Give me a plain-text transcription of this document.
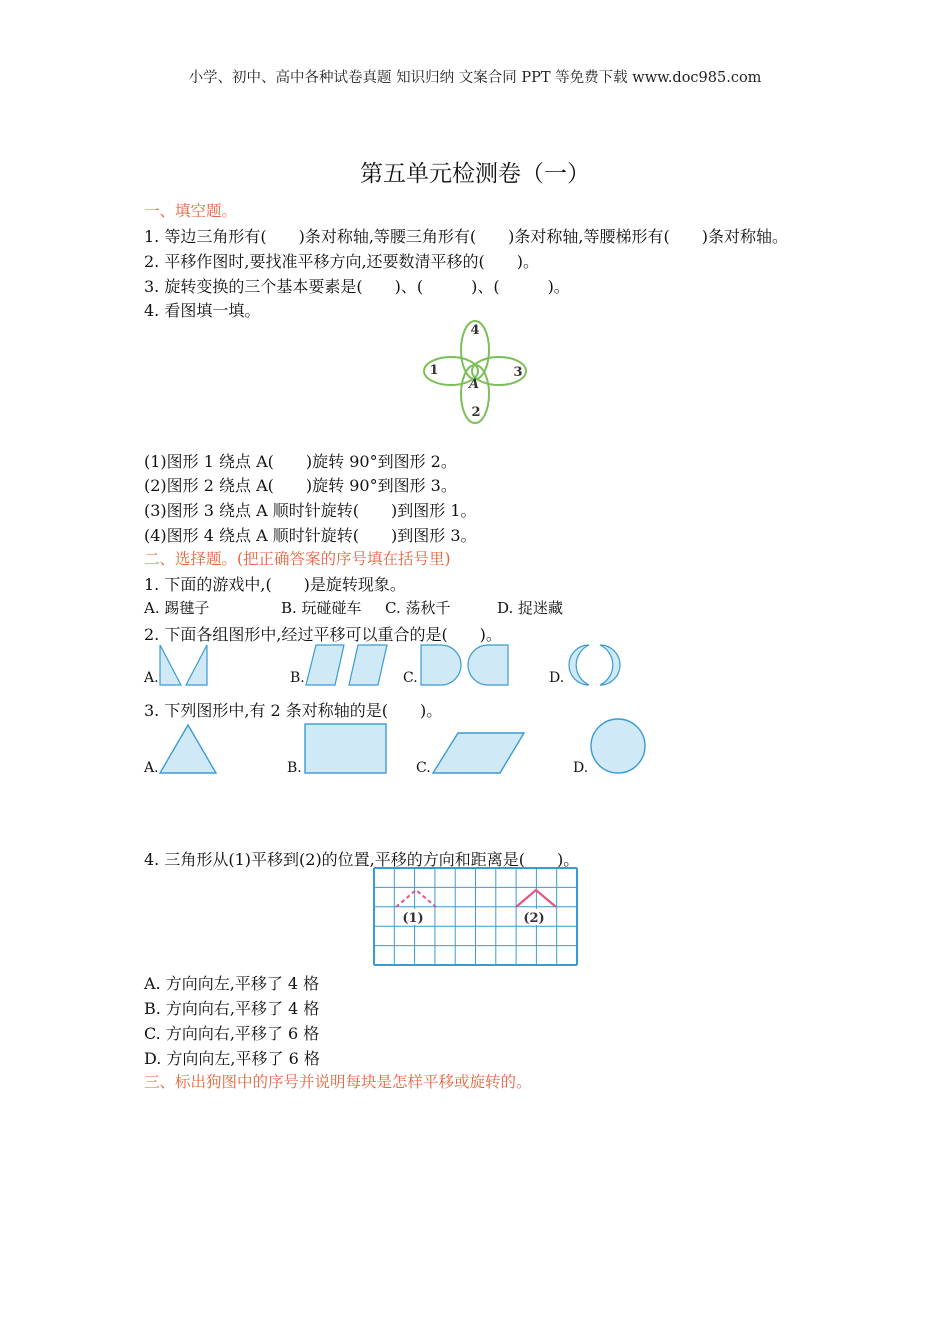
小学、初中、高中各种试卷真题 知识归纳 文案合同 PPT 等免费下载 www.doc985.com
第五单元检测卷（一）
一、填空题。
1. 等边三角形有(　　)条对称轴,等腰三角形有(　　)条对称轴,等腰梯形有(　　)条对称轴。
2. 平移作图时,要找准平移方向,还要数清平移的(　　)。
3. 旋转变换的三个基本要素是(　　)、(　　　)、(　　　)。
4. 看图填一填。
4
3
2
1
A
(1)图形 1 绕点 A(　　)旋转 90°到图形 2。
(2)图形 2 绕点 A(　　)旋转 90°到图形 3。
(3)图形 3 绕点 A 顺时针旋转(　　)到图形 1。
(4)图形 4 绕点 A 顺时针旋转(　　)到图形 3。
二、选择题。(把正确答案的序号填在括号里)
1. 下面的游戏中,(　　)是旋转现象。
A. 踢毽子	B. 玩碰碰车 C. 荡秋千	D. 捉迷藏
2. 下面各组图形中,经过平移可以重合的是(　　)。
A.	B.	C.	D.
3. 下列图形中,有 2 条对称轴的是(　　)。
A.	B.	C.	D.
4. 三角形从(1)平移到(2)的位置,平移的方向和距离是(　　)。
(1)	(2)
A. 方向向左,平移了 4 格
B. 方向向右,平移了 4 格
C. 方向向右,平移了 6 格
D. 方向向左,平移了 6 格
三、标出狗图中的序号并说明每块是怎样平移或旋转的。
